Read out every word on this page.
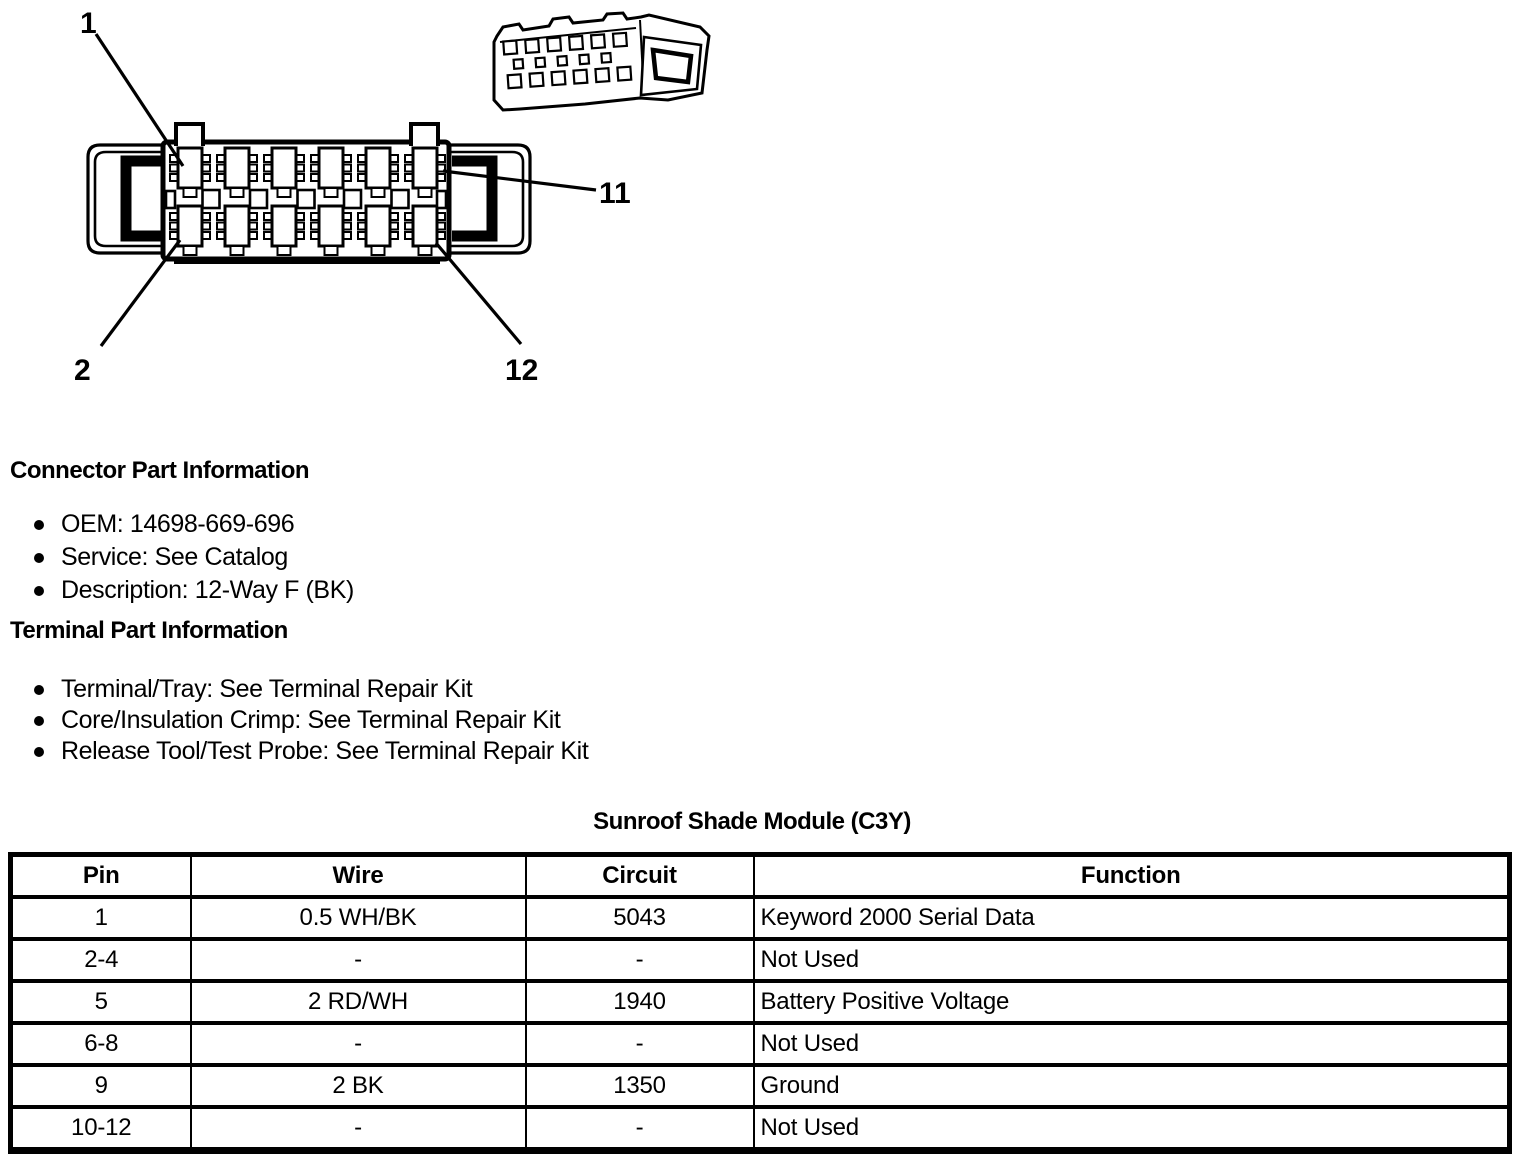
1
2
11
12
Connector Part Information
OEM: 14698-669-696
Service: See Catalog
Description: 12-Way F (BK)
Terminal Part Information
Terminal/Tray: See Terminal Repair Kit
Core/Insulation Crimp: See Terminal Repair Kit
Release Tool/Test Probe: See Terminal Repair Kit
Sunroof Shade Module (C3Y)
Pin	Wire	Circuit	Function
1	0.5 WH/BK	5043	Keyword 2000 Serial Data
2-4	-	-	Not Used
5	2 RD/WH	1940	Battery Positive Voltage
6-8	-	-	Not Used
9	2 BK	1350	Ground
10-12	-	-	Not Used
